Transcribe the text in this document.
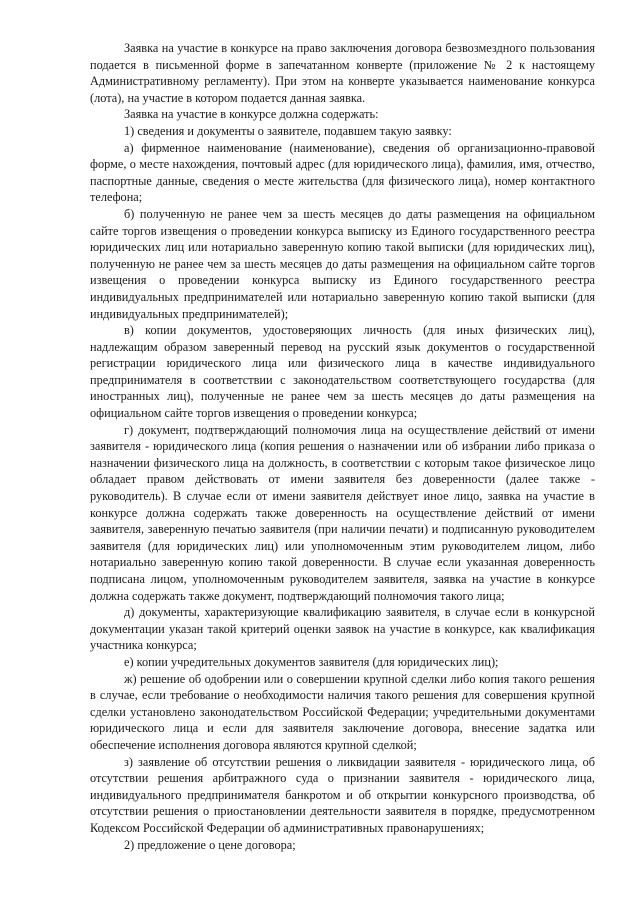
Заявка на участие в конкурсе на право заключения договора безвозмездного пользования подается в письменной форме в запечатанном конверте (приложение № 2 к настоящему Административному регламенту). При этом на конверте указывается наименование конкурса (лота), на участие в котором подается данная заявка.

Заявка на участие в конкурсе должна содержать:

1) сведения и документы о заявителе, подавшем такую заявку:

а) фирменное наименование (наименование), сведения об организационно-правовой форме, о месте нахождения, почтовый адрес (для юридического лица), фамилия, имя, отчество, паспортные данные, сведения о месте жительства (для физического лица), номер контактного телефона;

б) полученную не ранее чем за шесть месяцев до даты размещения на официальном сайте торгов извещения о проведении конкурса выписку из Единого государственного реестра юридических лиц или нотариально заверенную копию такой выписки (для юридических лиц), полученную не ранее чем за шесть месяцев до даты размещения на официальном сайте торгов извещения о проведении конкурса выписку из Единого государственного реестра индивидуальных предпринимателей или нотариально заверенную копию такой выписки (для индивидуальных предпринимателей);

в) копии документов, удостоверяющих личность (для иных физических лиц), надлежащим образом заверенный перевод на русский язык документов о государственной регистрации юридического лица или физического лица в качестве индивидуального предпринимателя в соответствии с законодательством соответствующего государства (для иностранных лиц), полученные не ранее чем за шесть месяцев до даты размещения на официальном сайте торгов извещения о проведении конкурса;

г) документ, подтверждающий полномочия лица на осуществление действий от имени заявителя - юридического лица (копия решения о назначении или об избрании либо приказа о назначении физического лица на должность, в соответствии с которым такое физическое лицо обладает правом действовать от имени заявителя без доверенности (далее также - руководитель). В случае если от имени заявителя действует иное лицо, заявка на участие в конкурсе должна содержать также доверенность на осуществление действий от имени заявителя, заверенную печатью заявителя (при наличии печати) и подписанную руководителем заявителя (для юридических лиц) или уполномоченным этим руководителем лицом, либо нотариально заверенную копию такой доверенности. В случае если указанная доверенность подписана лицом, уполномоченным руководителем заявителя, заявка на участие в конкурсе должна содержать также документ, подтверждающий полномочия такого лица;

д) документы, характеризующие квалификацию заявителя, в случае если в конкурсной документации указан такой критерий оценки заявок на участие в конкурсе, как квалификация участника конкурса;

е) копии учредительных документов заявителя (для юридических лиц);

ж) решение об одобрении или о совершении крупной сделки либо копия такого решения в случае, если требование о необходимости наличия такого решения для совершения крупной сделки установлено законодательством Российской Федерации; учредительными документами юридического лица и если для заявителя заключение договора, внесение задатка или обеспечение исполнения договора являются крупной сделкой;

з) заявление об отсутствии решения о ликвидации заявителя - юридического лица, об отсутствии решения арбитражного суда о признании заявителя - юридического лица, индивидуального предпринимателя банкротом и об открытии конкурсного производства, об отсутствии решения о приостановлении деятельности заявителя в порядке, предусмотренном Кодексом Российской Федерации об административных правонарушениях;

2) предложение о цене договора;
